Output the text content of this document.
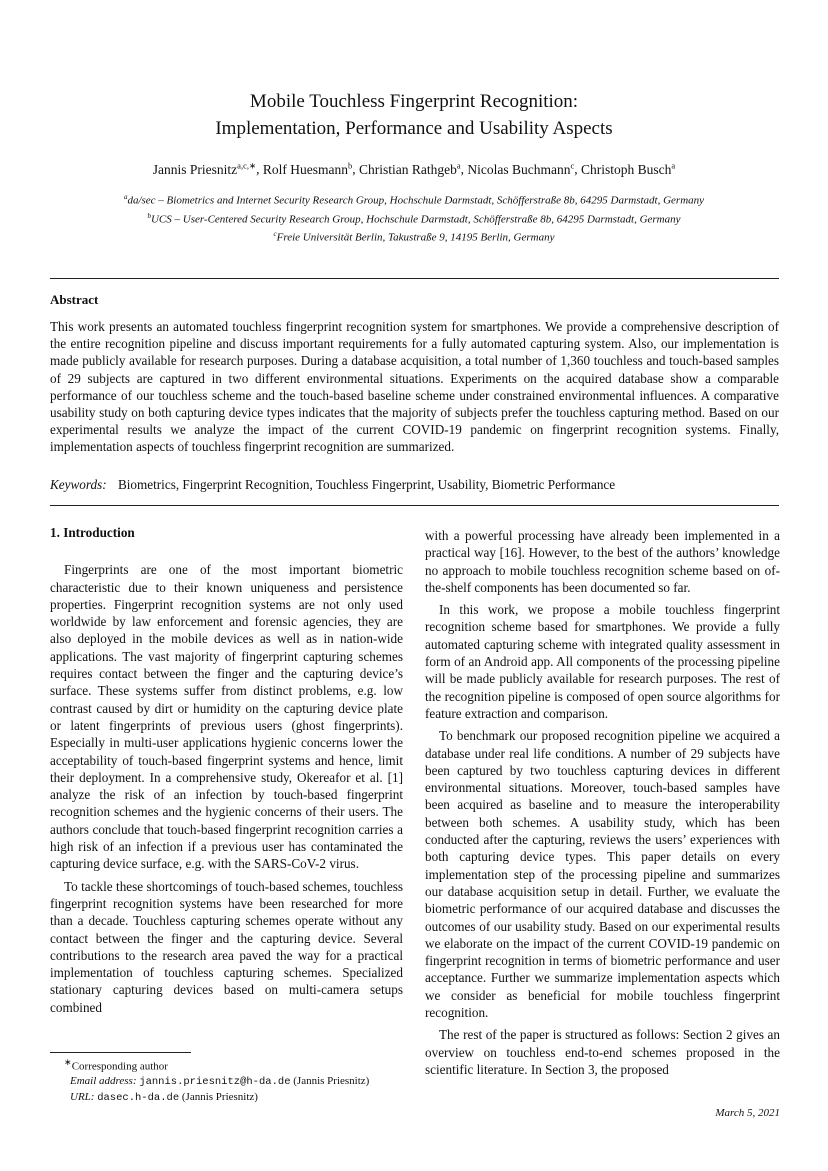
Mobile Touchless Fingerprint Recognition:
Implementation, Performance and Usability Aspects
Jannis Priesnitz$^{a,c,∗}$, Rolf Huesmann$^b$, Christian Rathgeb$^a$, Nicolas Buchmann$^c$, Christoph Busch$^a$
$^a$da/sec – Biometrics and Internet Security Research Group, Hochschule Darmstadt, Schöfferstraße 8b, 64295 Darmstadt, Germany
$^b$UCS – User-Centered Security Research Group, Hochschule Darmstadt, Schöfferstraße 8b, 64295 Darmstadt, Germany
$^c$Freie Universität Berlin, Takustraße 9, 14195 Berlin, Germany
Abstract
This work presents an automated touchless fingerprint recognition system for smartphones. We provide a comprehensive description of the entire recognition pipeline and discuss important requirements for a fully automated capturing system. Also, our implementation is made publicly available for research purposes. During a database acquisition, a total number of 1,360 touchless and touch-based samples of 29 subjects are captured in two different environmental situations. Experiments on the acquired database show a comparable performance of our touchless scheme and the touch-based baseline scheme under constrained environmental influences. A comparative usability study on both capturing device types indicates that the majority of subjects prefer the touchless capturing method. Based on our experimental results we analyze the impact of the current COVID-19 pandemic on fingerprint recognition systems. Finally, implementation aspects of touchless fingerprint recognition are summarized.
Keywords: Biometrics, Fingerprint Recognition, Touchless Fingerprint, Usability, Biometric Performance
1. Introduction

Fingerprints are one of the most important biometric characteristic due to their known uniqueness and persistence properties. Fingerprint recognition systems are not only used worldwide by law enforcement and forensic agencies, they are also deployed in the mobile devices as well as in nation-wide applications. The vast majority of fingerprint capturing schemes requires contact between the finger and the capturing device’s surface. These systems suffer from distinct problems, e.g. low contrast caused by dirt or humidity on the capturing device plate or latent fingerprints of previous users (ghost fingerprints). Especially in multi-user applications hygienic concerns lower the acceptability of touch-based fingerprint systems and hence, limit their deployment. In a comprehensive study, Okereafor et al. [1] analyze the risk of an infection by touch-based fingerprint recognition schemes and the hygienic concerns of their users. The authors conclude that touch-based fingerprint recognition carries a high risk of an infection if a previous user has contaminated the capturing device surface, e.g. with the SARS-CoV-2 virus.

To tackle these shortcomings of touch-based schemes, touchless fingerprint recognition systems have been researched for more than a decade. Touchless capturing schemes operate without any contact between the finger and the capturing device. Several contributions to the research area paved the way for a practical implementation of touchless capturing schemes. Specialized stationary capturing devices based on multi-camera setups combined

with a powerful processing have already been implemented in a practical way [16]. However, to the best of the authors’ knowledge no approach to mobile touchless recognition scheme based on of-the-shelf components has been documented so far.

In this work, we propose a mobile touchless fingerprint recognition scheme based for smartphones. We provide a fully automated capturing scheme with integrated quality assessment in form of an Android app. All components of the processing pipeline will be made publicly available for research purposes. The rest of the recognition pipeline is composed of open source algorithms for feature extraction and comparison.

To benchmark our proposed recognition pipeline we acquired a database under real life conditions. A number of 29 subjects have been captured by two touchless capturing devices in different environmental situations. Moreover, touch-based samples have been acquired as baseline and to measure the interoperability between both schemes. A usability study, which has been conducted after the capturing, reviews the users’ experiences with both capturing device types. This paper details on every implementation step of the processing pipeline and summarizes our database acquisition setup in detail. Further, we evaluate the biometric performance of our acquired database and discusses the outcomes of our usability study. Based on our experimental results we elaborate on the impact of the current COVID-19 pandemic on fingerprint recognition in terms of biometric performance and user acceptance. Further we summarize implementation aspects which we consider as beneficial for mobile touchless fingerprint recognition.

The rest of the paper is structured as follows: Section 2 gives an overview on touchless end-to-end schemes proposed in the scientific literature. In Section 3, the proposed

∗Corresponding author
Email address: jannis.priesnitz@h-da.de (Jannis Priesnitz)
URL: dasec.h-da.de (Jannis Priesnitz)
March 5, 2021
